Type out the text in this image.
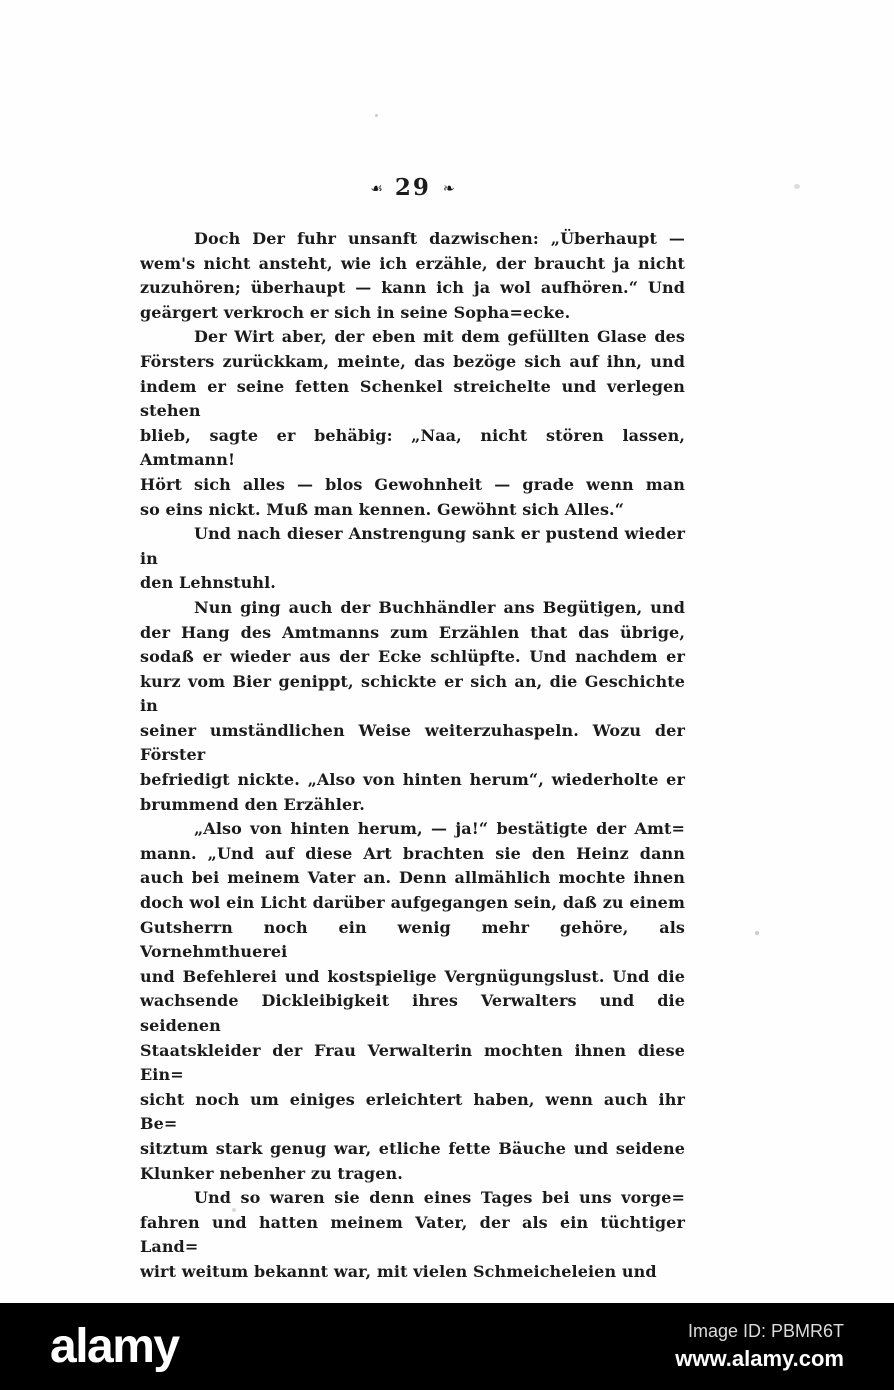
☙ 29 ❧
Doch Der fuhr unsanft dazwischen: „Überhaupt —
wem's nicht ansteht, wie ich erzähle, der braucht ja nicht
zuzuhören; überhaupt — kann ich ja wol aufhören.“ Und
geärgert verkroch er sich in seine Sopha=ecke.
Der Wirt aber, der eben mit dem gefüllten Glase des
Försters zurückkam, meinte, das bezöge sich auf ihn, und
indem er seine fetten Schenkel streichelte und verlegen stehen
blieb, sagte er behäbig: „Naa, nicht stören lassen, Amtmann!
Hört sich alles — blos Gewohnheit — grade wenn man
so eins nickt. Muß man kennen. Gewöhnt sich Alles.“
Und nach dieser Anstrengung sank er pustend wieder in
den Lehnstuhl.
Nun ging auch der Buchhändler ans Begütigen, und
der Hang des Amtmanns zum Erzählen that das übrige,
sodaß er wieder aus der Ecke schlüpfte. Und nachdem er
kurz vom Bier genippt, schickte er sich an, die Geschichte in
seiner umständlichen Weise weiterzuhaspeln. Wozu der Förster
befriedigt nickte. „Also von hinten herum“, wiederholte er
brummend den Erzähler.
„Also von hinten herum, — ja!“ bestätigte der Amt=
mann. „Und auf diese Art brachten sie den Heinz dann
auch bei meinem Vater an. Denn allmählich mochte ihnen
doch wol ein Licht darüber aufgegangen sein, daß zu einem
Gutsherrn noch ein wenig mehr gehöre, als Vornehmthuerei
und Befehlerei und kostspielige Vergnügungslust. Und die
wachsende Dickleibigkeit ihres Verwalters und die seidenen
Staatskleider der Frau Verwalterin mochten ihnen diese Ein=
sicht noch um einiges erleichtert haben, wenn auch ihr Be=
sitztum stark genug war, etliche fette Bäuche und seidene
Klunker nebenher zu tragen.
Und so waren sie denn eines Tages bei uns vorge=
fahren und hatten meinem Vater, der als ein tüchtiger Land=
wirt weitum bekannt war, mit vielen Schmeicheleien und
alamy	Image ID: PBMR6T
www.alamy.com
